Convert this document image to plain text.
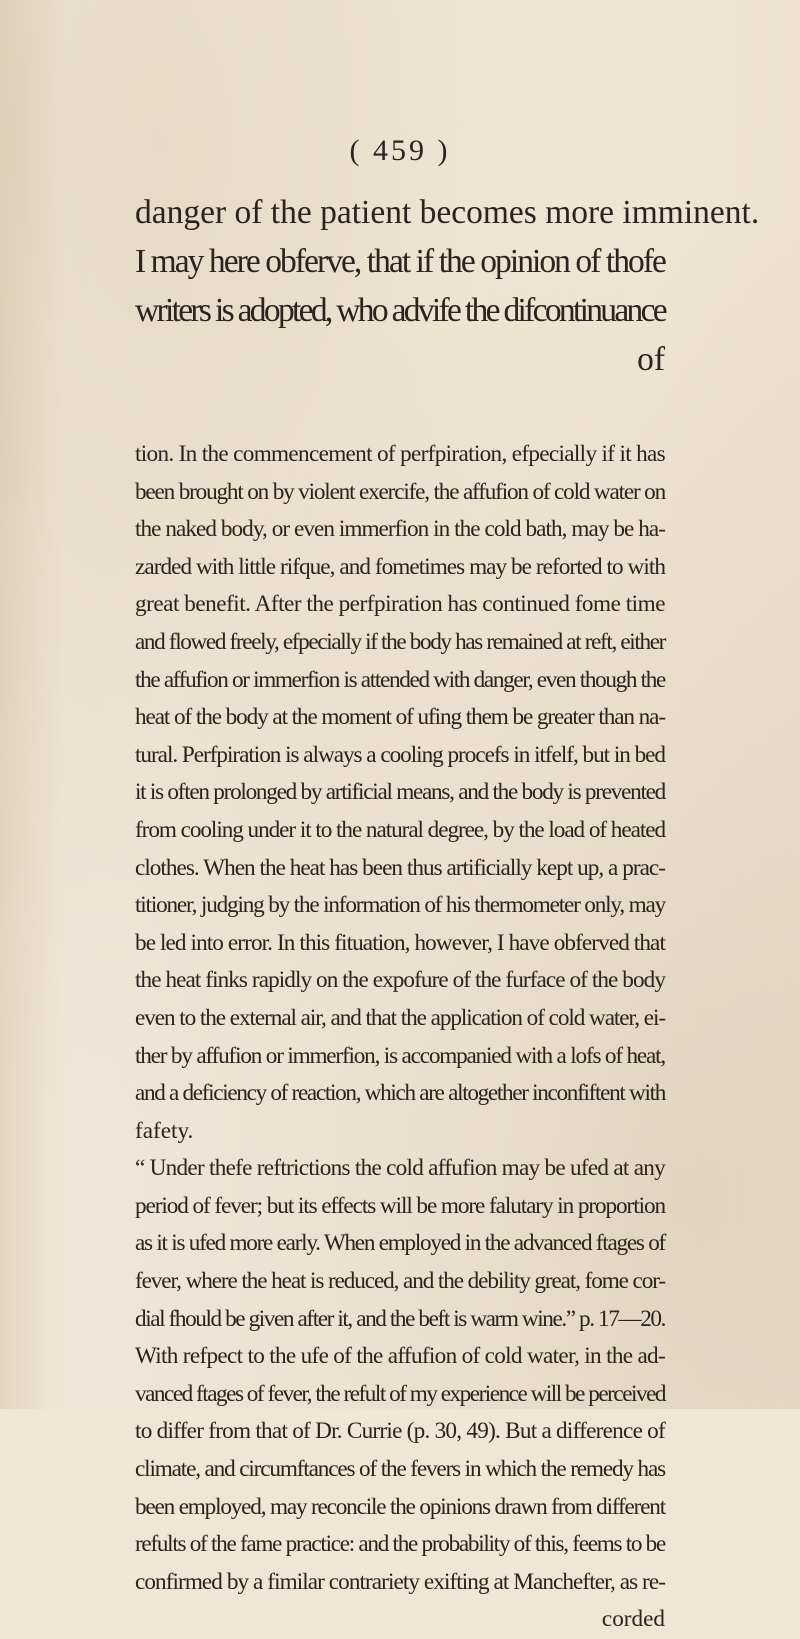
( 459 )
danger of the patient becomes more imminent.
I may here obferve, that if the opinion of thofe
writers is adopted, who advife the difcontinuance
of
tion. In the commencement of perfpiration, efpecially if it has
been brought on by violent exercife, the affufion of cold water on
the naked body, or even immerfion in the cold bath, may be ha-
zarded with little rifque, and fometimes may be reforted to with
great benefit. After the perfpiration has continued fome time
and flowed freely, efpecially if the body has remained at reft, either
the affufion or immerfion is attended with danger, even though the
heat of the body at the moment of ufing them be greater than na-
tural. Perfpiration is always a cooling procefs in itfelf, but in bed
it is often prolonged by artificial means, and the body is prevented
from cooling under it to the natural degree, by the load of heated
clothes. When the heat has been thus artificially kept up, a prac-
titioner, judging by the information of his thermometer only, may
be led into error. In this fituation, however, I have obferved that
the heat finks rapidly on the expofure of the furface of the body
even to the external air, and that the application of cold water, ei-
ther by affufion or immerfion, is accompanied with a lofs of heat,
and a deficiency of reaction, which are altogether inconfiftent with
fafety.
“ Under thefe reftrictions the cold affufion may be ufed at any
period of fever; but its effects will be more falutary in proportion
as it is ufed more early. When employed in the advanced ftages of
fever, where the heat is reduced, and the debility great, fome cor-
dial fhould be given after it, and the beft is warm wine.” p. 17—20.
With refpect to the ufe of the affufion of cold water, in the ad-
vanced ftages of fever, the refult of my experience will be perceived
to differ from that of Dr. Currie (p. 30, 49). But a difference of
climate, and circumftances of the fevers in which the remedy has
been employed, may reconcile the opinions drawn from different
refults of the fame practice: and the probability of this, feems to be
confirmed by a fimilar contrariety exifting at Manchefter, as re-
corded
